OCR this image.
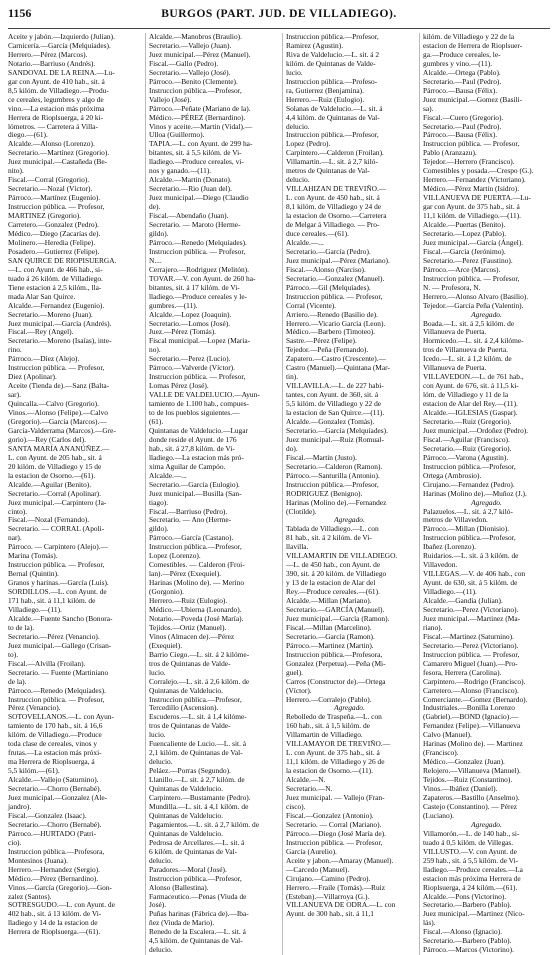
1156	BURGOS (PART. JUD. DE VILLADIEGO).
Aceite y jabón.—Izquierdo (Julian).
Carnicería.—García (Melquíades).
Herrero.—Pérez (Marcos).
Notario.—Barriuso (Andrés).
SANDOVAL DE LA REINA.—Lu-
gar con Ayunt. de 410 hab., sit. á
8,5 kilóm. de Villadiego.—Produ-
ce cereales, legumbres y algo de
vino.—La estacion más próxima
Herrera de Rioplsuerga, á 20 ki-
lómetros. — Carretera á Villa-
diego.—(61).
Alcalde.—Alonso (Lorenzo).
Secretario.—Martínez (Gregorio).
Juez municipal.—Castañeda (Be-
nito).
Fiscal.—Corral (Gregorio).
Secretario.—Nozal (Víctor).
Párroco.—Martínez (Eugenio).
Instruccion pública. — Profesor,
MARTINEZ (Gregorio).
Carretero.—Gonzalez (Pedro).
Médico.—Diego (Zacarías de).
Molinero.—Heredia (Felipe).
Posadero.—Gutierrez (Felipe).
SAN QUIRCE DE RIOPISUERGA.
—L. con Ayunt. de 466 hab., si-
tuado á 26 kilóm. de Villadiego.
Tiene estacion á 2,5 kilóm., lla-
mada Alar San Quirce.
Alcalde.—Fernandez (Eugenio).
Secretario.—Moreno (Juan).
Juez municipal.—García (Andrés).
Fiscal.—Rey (Angel).
Secretario.—Moreno (Isaías), inte-
rino.
Párroco.—Díez (Alejo).
Instruccion pública. — Profesor,
Diez (Apolinar).
Aceite (Tienda de).—Sanz (Balta-
sar).
Quincalla.—Calvo (Gregorio).
Vinos.—Alonso (Felipe).—Calvo
(Gregorio).—García (Marcos).—
García-Valderrama (Marcos).—Gre-
gorio).—Rey (Carlos del).
SANTA MARÍA ANANÚÑEZ.—
L. con Ayunt. de 205 hab., sit. á
20 kilóm. de Villadiego y 15 de
la estacion de Osorno.—(61).
Alcalde.—Aguilar (Benito).
Secretario.—Corral (Apolinar).
Juez municipal.—Carpintero (Ja-
cinto).
Fiscal.—Nozal (Fernando).
Secretario. — CORRAL (Apoli-
nar).
Párroco. — Carpintero (Alejo).—
Marina (Tomás).
Instruccion pública. — Profesor,
Bernal (Quintin).
Granos y harinas.—García (Luis).
SORDILLOS.—L. con Ayunt. de
171 hab., sit. á 11,1 kilóm. de
Villadiego.—(11).
Alcalde.—Fuente Sancho (Bonora-
to de la).
Secretario.—Pérez (Venancio).
Juez municipal.—Gallego (Crisan-
to).
Fiscal.—Alvilla (Froilan).
Secretario. — Fuente (Martiniano
de la).
Párroco.—Renedo (Melquíades).
Instruccion pública. — Profesor,
Pérez (Venancio).
SOTOVELLANOS.—L. con Ayun-
tamiento de 170 hab., sit. á 16,6
kilóm. de Villadiego.—Produce
toda clase de cereales, vinos y
frutas.—La estacion más próxi-
ma Herrera de Rioplsuerga, á
5,5 kilóm.—(61).
Alcalde.—Vallejo (Saturnino).
Secretario.—Chorro (Bernabé).
Juez municipal.—Gonzalez (Ale-
jandro).
Fiscal.—Gonzalez (Isaac).
Secretario.—Chorro (Bernabé).
Párroco.—HURTADO (Patri-
cio).
Instruccion pública.—Profesora,
Montesinos (Juana).
Herrero.—Hernandez (Sergio).
Médico.—Pérez (Bernardino).
Vinos.—García (Gregorio).—Gon-
zalez (Santos).
SOTRESGUDO.—L. con Ayunt. de
402 hab., sit. á 13 kilóm. de Vi-
lladiego y 14 de la estacion de
Herrera de Rioplsuerga.—(61).
Alcalde.—Manobros (Braulio).
Secretario.—Vallejo (Juan).
Juez municipal.—Pérez (Manuel).
Fiscal.—Gallo (Pedro).
Secretario.—Vallejo (José).
Párroco.—Benito (Clemente).
Instruccion pública.—Profesor,
Vallejo (José).
Párroco.—Peñate (Mariano de la).
Médico.—PÉREZ (Bernardino).
Vinos y aceite.—Martin (Vidal).—
Ulloa (Guillermo).
TAPIA.—L. con Ayunt. de 299 ha-
bitantes, sit. á 5,5 kilóm. de Vi-
lladiego.—Produce cereales, vi-
nos y ganado.—(11).
Alcalde.—Martin (Donato).
Secretario.—Rio (Juan del).
Juez municipal.—Diego (Claudio
de).
Fiscal.—Abendaño (Juan).
Secretario. — Maroto (Herme-
gildo).
Párroco.—Renedo (Melquíades).
Instruccion pública. — Profesor,
N....
Cerrajero.—Rodriguez (Melitón).
TOVAR.—V. con Ayunt. de 260 ha-
bitantes, sit. á 17 kilóm. de Vi-
lladiego.—Produce cereales y le-
gumbres.—(11).
Alcalde.—Lopez (Joaquin).
Secretario.—Lomos (José).
Juez.—Pérez (Tomás).
Fiscal municipal.—Lopez (Maria-
no).
Secretario.—Perez (Lucio).
Párroco.—Valverde (Víctor).
Instruccion pública. — Profesor,
Lomas Pérez (José).
VALLE DE VALDELUCIO.—Ayun-
tamiento de 1.100 hab., compues-
to de los pueblos siguientes.—
(61).
Quintanas de Valdelucio.—Lugar
donde reside el Ayunt. de 176
hab., sit. á 27,8 kilóm. de Vi-
lladiego.—La estacion más pró-
xima Aguilar de Campóo.
Alcalde.—...
Secretario.—García (Eulogio).
Juez municipal.—Busilla (San-
tiago).
Fiscal.—Barriuso (Pedro).
Secretario. — Ano (Herme-
gildo).
Párroco.—García (Castano).
Instruccion pública.—Profesor,
Lopez (Lorenzo).
Comestibles. — Calderon (Froi-
lan).—Pérez (Exequiel).
Harinas (Molino de). — Merino
(Gorgonio).
Herrero.—Ruiz (Eulogio).
Médico.—Ubierna (Leonardo).
Notario.—Poveda (José María).
Tejidos.—Ortiz (Manuel).
Vinos (Almacen de).—Pérez
(Exequiel).
Barrio Ciego.—L. sit. á 2 kilóme-
tros de Quintanas de Valde-
lucio.
Corralejo.—L. sit. á 2,6 kilóm. de
Quintanas de Valdelucio.
Instruccion pública.—Profesor,
Tercedillo (Ascension).
Escuderos.—L. sit. á 1,4 kilóme-
tros de Quintanas de Valde-
lucio.
Fuencaliente de Lucio.—L. sit. á
2,1 kilóm. de Quintanas de Val-
delucio.
Peláez.—Porras (Segundo).
Llanillo.—L. sit. á 2,7 kilóm. de
Quintanas de Valdelucio.
Carpintero.—Bustamante (Pedro).
Mundilla.—L. sit. á 4,1 kilóm. de
Quintanas de Valdelucio.
Pagamientos.—L. sit. á 2,7 kilóm. de
Quintanas de Valdelucio.
Pedrosa de Arcellares.—L. sit. á
6 kilóm. de Quintanas de Val-
delucio.
Paradores.—Moral (José).
Instruccion pública.—Profesor,
Alonso (Ballestina).
Farmaceutico.—Penas (Viuda de
José).
Puñas harinas (Fábrica de).—Iba-
ñez (Viuda de Mario).
Renedo de la Escalera.—L. sit. á
4,5 kilóm. de Quintanas de Val-
delucio.
Instruccion pública.—Profesor,
Ramirez (Agustin).
Riva de Valdelucio.—L. sit. á 2
kilóm. de Quintanas de Valde-
lucio.
Instruccion pública.—Profeso-
ra, Gutierrez (Benjamina).
Herrero.—Ruiz (Eulogio).
Solanas de Valdelucio.—L. sit. á
4,4 kilóm. de Quintanas de Val-
delucio.
Instruccion pública.—Profesor,
Lopez (Pedro).
Carpintero.—Calderon (Froilan).
Villamartin.—L. sit. á 2,7 kiló-
metros de Quintanas de Val-
delucio.
VILLAHIZAN DE TREVIÑO.—
L. con Ayunt. de 450 hab., sit. á
8,1 kilóm. de Villadiego y 24 de
la estacion de Osorno.—Carretera
de Melgar á Villadiego. — Pro-
duce cereales.—(61).
Alcalde.—...
Secretario.—García (Pedro).
Juez municipal.—Pérez (Mariano).
Fiscal.—Alonso (Narciso).
Secretario.—Gonzalez (Manuel).
Párroco.—Gil (Melquíades).
Instruccion pública. — Profesor,
Corral (Vicente).
Arriero.—Renedo (Basilio de).
Herrero.—Vicario García (Leon).
Médico.—Barbero (Timoteo).
Sastre.—Pérez (Felipe).
Tejedor.—Peña (Fernando).
Zapatero.—Castro (Crescente).—
Castro (Manuel).—Quintana (Mar-
tin).
VILLAVILLA.—L. de 227 habi-
tantes, con Ayunt. de 360, sit. á
5,5 kilóm. de Villadiego y 22 de
la estacion de San Quirce.—(11).
Alcalde.—Gonzalez (Tomás).
Secretario.—García (Melquíades).
Juez municipal.—Ruiz (Romual-
do).
Fiscal.—Martin (Justo).
Secretario.—Calderon (Ramon).
Párroco.—Santurilla (Antonio).
Instruccion pública.—Profesor,
RODRIGUEZ (Benigno).
Harinas (Molino de).—Fernandez
(Clotilde).
Agregado.
Tablada de Villadiego.—L. con
81 hab., sit. á 2 kilóm. de Vi-
llavilla.
VILLAMARTIN DE VILLADIEGO.
—L. de 450 hab., con Ayunt. de
390, sit. á 20 kilóm. de Villadiego
y 13 de la estacion de Alar del
Rey.—Produce cereales.—(61).
Alcalde.—Millan (Mariano).
Secretario.—GARCÍA (Manuel).
Juez municipal.—García (Ramon).
Fiscal.—Millan (Marcelino).
Secretario.—García (Ramon).
Párroco.—Martinez (Martin).
Instruccion pública.—Profesora,
Gonzalez (Perpetua).—Peña (Mi-
guel).
Carros (Constructor de).—Ortega
(Víctor).
Herrero.—Corralejo (Pablo).
Agregado.
Rebolledo de Traspeña.—L. con
160 hab., sit. á 1,5 kilóm. de
Villamartin de Villadiego.
VILLAMAYOR DE TREVIÑO.—
L. con Ayunt. de 375 hab., sit. á
11,1 kilóm. de Villadiego y 26 de
la estacion de Osorno.—(11).
Alcalde.—N.
Secretario.—N.
Juez municipal. — Vallejo (Fran-
cisco).
Fiscal.—Gonzalez (Antonio).
Secretario. — Corral (Mariano).
Párroco.—Diego (José María de).
Instruccion pública. — Profesor,
García (Aurelio).
Aceite y jabon.—Amaray (Manuel).
—Carcedo (Manuel).
Cirujano.—Camino (Pedro).
Herrero.—Fraile (Tomás).—Ruiz
(Esteban).—Villarroya (G.).
VILLANUEVA DE ODRA.—L. con
Ayunt. de 300 hab., sit. á 11,1
kilóm. de Villadiego y 22 de la
estacion de Herrera de Rioplsuer-
ga.—Produce cereales, le-
gumbres y vino.—(11).
Alcalde.—Ortega (Pablo).
Secretario.—Paul (Pedro).
Párroco.—Bausa (Félix).
Juez municipal.—Gomez (Basili-
sa).
Fiscal.—Cuero (Gregorio).
Secretario.—Paul (Pedro).
Párroco.—Bausa (Félix).
Instruccion pública. — Profesor,
Pablo (Aranzazu).
Tejedor.—Herrero (Francisco).
Comestibles y posada.—Crespo (G.).
Herrero.—Fernandez (Victoriano).
Médico.—Pérez Martin (Isidro).
VILLANUEVA DE PUERTA.—Lu-
gar con Ayunt. de 375 hab., sit. á
11,1 kilóm. de Villadiego.—(11).
Alcalde.—Puertas (Benito).
Secretario.—Lopez (Pablo).
Juez municipal.—García (Ángel).
Fiscal.—García (Jerónimo).
Secretario.—Perez (Faustino).
Párroco.—Arce (Marcos).
Instruccion pública. — Profesor,
N. — Profesora, N.
Herrero.—Alonso Alvaro (Basilio).
Tejedor.—García Peña (Valentin).
Agregado.
Boada.—L. sit. á 2,5 kilóm. de
Villanueva de Puerta.
Hormicedo.—L. sit. á 2,4 kilóme-
tros de Villanueva de Puerta.
Icedo.—L. sit. á 1,2 kilóm. de
Villanueva de Puerta.
VILLAVEDON.—L. de 761 hab.,
con Ayunt. de 676, sit. á 11,5 ki-
lóm. de Villadiego y 11 de la
estacion de Alar del Rey.—(11).
Alcalde.—IGLESIAS (Gaspar).
Secretario.—Ruiz (Gregorio).
Juez municipal.—Ordoñez (Pedro).
Fiscal.—Aguilar (Francisco).
Secretario.—Ruiz (Gregorio).
Párroco.—Varona (Agustin).
Instruccion pública.—Profesor,
Ortega (Ambrosio).
Cirujano.—Fernandez (Pedro).
Harinas (Molino de).—Muñoz (J.).
Agregado.
Palazuelos.—L. sit. á 2,7 kiló-
metros de Villavedon.
Párroco.—Millan (Dionisio).
Instruccion pública.—Profesor,
Ibañez (Lorenzo).
Ruidarios.—L. sit. á 3 kilóm. de
Villavedon.
VILLEGAS.—V. de 406 hab., con
Ayunt. de 630, sit. á 5 kilóm. de
Villadiego.—(11).
Alcalde.—Gandía (Julian).
Secretario.—Perez (Victoriano).
Juez municipal.—Martinez (Ma-
riano).
Fiscal.—Martinez (Saturnino).
Secretario.—Perez (Victoriano).
Instruccion pública. — Profesor,
Camarero Miguel (Juan).—Pro-
fesora, Herrera (Carolina).
Carpintero.—Rodrigo (Francisco).
Carretero.—Alonso (Francisco).
Comerciante.—Gomez (Bernardo).
Industriales.—Bonilla Lorenzo
(Gabriel).—BOND (Ignacio).—
Fernandez (Felipe).—Villanueva
Calvo (Manuel).
Harinas (Molino de). — Martinez
(Francisco).
Médico.—Gonzalez (Juan).
Relojero.—Villanueva (Manuel).
Tejidos.—Ruiz (Constantino).
Vinos.—Ibáñez (Daniel).
Zapateros.—Bastillo (Anselmo).
Castejo (Constantino). — Pérez
(Luciano).
Agregado.
Villamorón.—L. de 140 hab., si-
tuado á 0,5 kilóm. de Villegas.
VILLUSTO.—V. con Ayunt. de
259 hab., sit. á 5,5 kilóm. de Vi-
lladiego.—Produce cereales.—La
estacion más próxima Herrera de
Rioplsuerga, á 24 kilóm.—(61).
Alcalde.—Pons (Victorino).
Secretario.—Barbero (Pablo).
Juez municipal.—Martinez (Nico-
lás).
Fiscal.—Alonso (Ignacio).
Secretario.—Barbero (Pablo).
Párroco.—Marcos (Victorino).
